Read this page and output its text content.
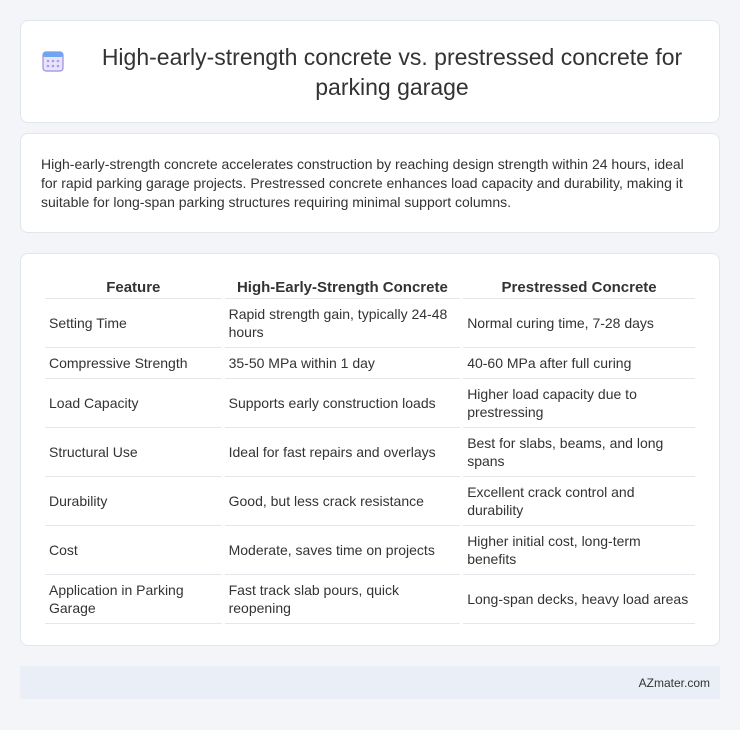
High-early-strength concrete vs. prestressed concrete for parking garage

High-early-strength concrete accelerates construction by reaching design strength within 24 hours, ideal for rapid parking garage projects. Prestressed concrete enhances load capacity and durability, making it suitable for long-span parking structures requiring minimal support columns.

Feature	High-Early-Strength Concrete	Prestressed Concrete
Setting Time	Rapid strength gain, typically 24-48 hours	Normal curing time, 7-28 days
Compressive Strength	35-50 MPa within 1 day	40-60 MPa after full curing
Load Capacity	Supports early construction loads	Higher load capacity due to prestressing
Structural Use	Ideal for fast repairs and overlays	Best for slabs, beams, and long spans
Durability	Good, but less crack resistance	Excellent crack control and durability
Cost	Moderate, saves time on projects	Higher initial cost, long-term benefits
Application in Parking Garage	Fast track slab pours, quick reopening	Long-span decks, heavy load areas
AZmater.com
